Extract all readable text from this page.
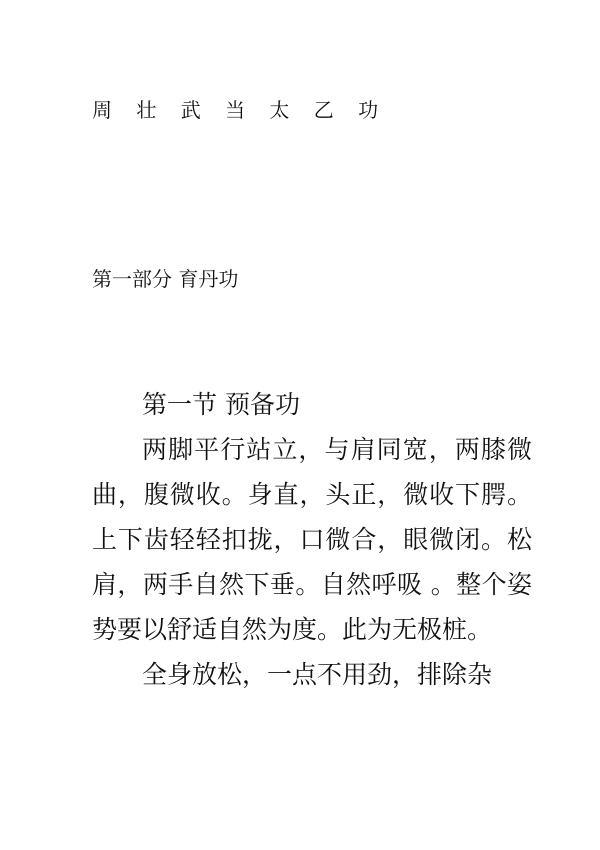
周 壮 武 当 太 乙 功
第一部分 育丹功
第一节 预备功

两脚平行站立，与肩同宽，两膝微曲，腹微收。身直，头正，微收下腭。上下齿轻轻扣拢，口微合，眼微闭。松肩，两手自然下垂。自然呼吸 。整个姿势要以舒适自然为度。此为无极桩。

全身放松，一点不用劲，排除杂
